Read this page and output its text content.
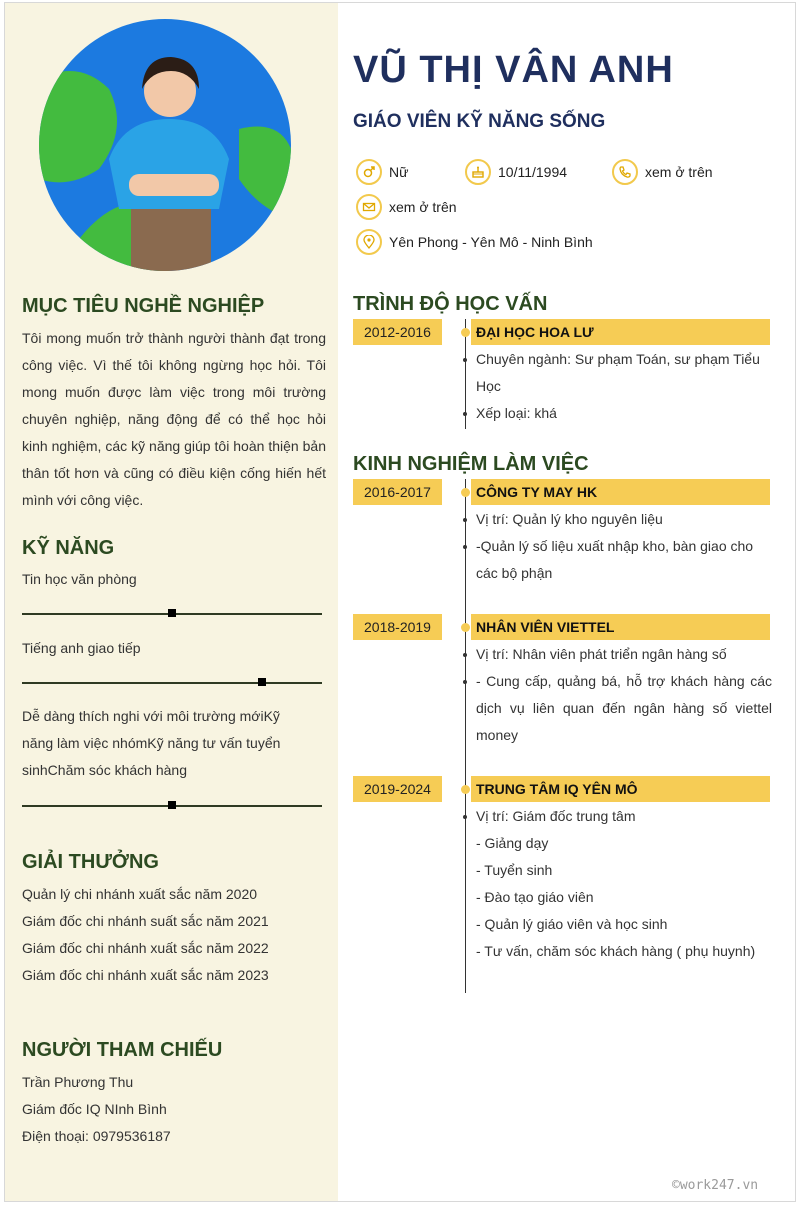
MỤC TIÊU NGHỀ NGHIỆP

Tôi mong muốn trở thành người thành đạt trong công việc. Vì thế tôi không ngừng học hỏi. Tôi mong muốn được làm việc trong môi trường chuyên nghiệp, năng động để có thể học hỏi kinh nghiệm, các kỹ năng giúp tôi hoàn thiện bản thân tốt hơn và cũng có điều kiện cống hiến hết mình với công việc.

KỸ NĂNG
Tin học văn phòng
Tiếng anh giao tiếp

Dễ dàng thích nghi với môi trường mớiKỹ năng làm việc nhómKỹ năng tư vấn tuyển sinhChăm sóc khách hàng

GIẢI THƯỞNG
Quản lý chi nhánh xuất sắc năm 2020
Giám đốc chi nhánh suất sắc năm 2021
Giám đốc chi nhánh xuất sắc năm 2022
Giám đốc chi nhánh xuất sắc năm 2023
NGƯỜI THAM CHIẾU
Trần Phương Thu
Giám đốc IQ NInh Bình
Điện thoại: 0979536187
VŨ THỊ VÂN ANH
GIÁO VIÊN KỸ NĂNG SỐNG
Nữ	10/11/1994	xem ở trên
xem ở trên
Yên Phong - Yên Mô - Ninh Bình
TRÌNH ĐỘ HỌC VẤN
2012-2016	ĐẠI HỌC HOA LƯ

Chuyên ngành: Sư phạm Toán, sư phạm Tiểu Học

Xếp loại: khá

KINH NGHIỆM LÀM VIỆC
2016-2017	CÔNG TY MAY HK

Vị trí: Quản lý kho nguyên liệu

-Quản lý số liệu xuất nhập kho, bàn giao cho các bộ phận

2018-2019	NHÂN VIÊN VIETTEL

Vị trí: Nhân viên phát triển ngân hàng số

- Cung cấp, quảng bá, hỗ trợ khách hàng các dịch vụ liên quan đến ngân hàng số viettel money

2019-2024	TRUNG TÂM IQ YÊN MÔ

Vị trí: Giám đốc trung tâm

- Giảng dạy

- Tuyển sinh

- Đào tạo giáo viên

- Quản lý giáo viên và học sinh

- Tư vấn, chăm sóc khách hàng ( phụ huynh)

©work247.vn
